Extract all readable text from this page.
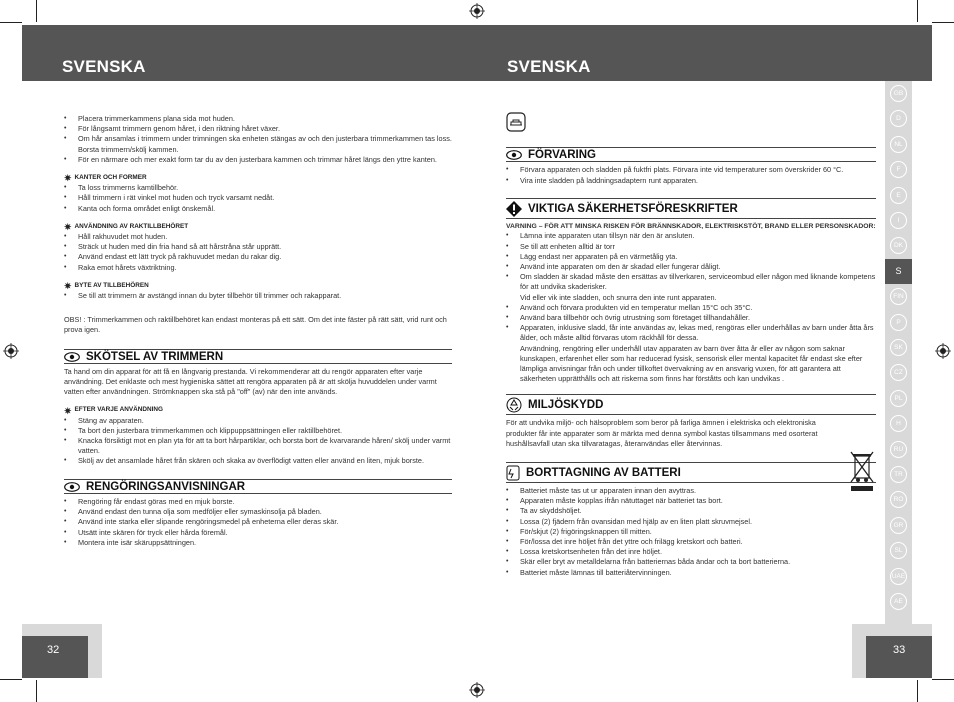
SVENSKA	SVENSKA
GB
D
NL
F
E
I
DK
S
FIN
P
SK
CZ
PL
H
RU
TR
RO
GR
SL
UAE
AE
• Placera trimmerkammens plana sida mot huden.
• För långsamt trimmern genom håret, i den riktning håret växer.
• Om hår ansamlas i trimmern under trimningen ska enheten stängas av och den justerbara trimmerkammen tas loss. Borsta trimmern/skölj kammen.
• För en närmare och mer exakt form tar du av den justerbara kammen och trimmar håret längs den yttre kanten.
✷ KANTER OCH FORMER
• Ta loss trimmerns kamtillbehör.
• Håll trimmern i rät vinkel mot huden och tryck varsamt nedåt.
• Kanta och forma området enligt önskemål.
✷ ANVÄNDNING AV RAKTILLBEHÖRET
• Håll rakhuvudet mot huden.
• Sträck ut huden med din fria hand så att hårstråna står upprätt.
• Använd endast ett lätt tryck på rakhuvudet medan du rakar dig.
• Raka emot hårets växtriktning.
✷ BYTE AV TILLBEHÖREN
• Se till att trimmern är avstängd innan du byter tillbehör till trimmer och rakapparat.
OBS! : Trimmerkammen och raktillbehöret kan endast monteras på ett sätt. Om det inte fäster på rätt sätt, vrid runt och prova igen.
SKÖTSEL AV TRIMMERN
Ta hand om din apparat för att få en långvarig prestanda. Vi rekommenderar att du rengör apparaten efter varje användning. Det enklaste och mest hygieniska sättet att rengöra apparaten på är att skölja huvuddelen under varmt vatten efter användningen. Strömknappen ska stå på "off" (av) när den inte används.
✷ EFTER VARJE ANVÄNDNING
• Stäng av apparaten.
• Ta bort den justerbara trimmerkammen och klippuppsättningen eller raktillbehöret.
• Knacka försiktigt mot en plan yta för att ta bort hårpartiklar, och borsta bort de kvarvarande håren/ skölj under varmt vatten.
• Skölj av det ansamlade håret från skären och skaka av överflödigt vatten eller använd en liten, mjuk borste.
RENGÖRINGSANVISNINGAR
• Rengöring får endast göras med en mjuk borste.
• Använd endast den tunna olja som medföljer eller symaskinsolja på bladen.
• Använd inte starka eller slipande rengöringsmedel på enheterna eller deras skär.
• Utsätt inte skären för tryck eller hårda föremål.
• Montera inte isär skäruppsättningen.
FÖRVARING
• Förvara apparaten och sladden på fuktfri plats. Förvara inte vid temperaturer som överskrider 60 °C.
• Vira inte sladden på laddningsadaptern runt apparaten.
VIKTIGA SÄKERHETSFÖRESKRIFTER
VARNING – FÖR ATT MINSKA RISKEN FÖR BRÄNNSKADOR, ELEKTRISKSTÖT, BRAND ELLER PERSONSKADOR:
• Lämna inte apparaten utan tillsyn när den är ansluten.
• Se till att enheten alltid är torr
• Lägg endast ner apparaten på en värmetålig yta.
• Använd inte apparaten om den är skadad eller fungerar dåligt.
• Om sladden är skadad måste den ersättas av tillverkaren, serviceombud eller någon med liknande kompetens för att undvika skaderisker.
Vid eller vik inte sladden, och snurra den inte runt apparaten.
• Använd och förvara produkten vid en temperatur mellan 15°C och 35°C.
• Använd bara tillbehör och övrig utrustning som företaget tillhandahåller.
• Apparaten, inklusive sladd, får inte användas av, lekas med, rengöras eller underhållas av barn under åtta års ålder, och måste alltid förvaras utom räckhåll för dessa.
Användning, rengöring eller underhåll utav apparaten av barn över åtta år eller av någon som saknar kunskapen, erfarenhet eller som har reducerad fysisk, sensorisk eller mental kapacitet får endast ske efter lämpliga anvisningar från och under tillkoftet övervakning av en ansvarig vuxen, för att garantera att säkerheten upprätthålls och att riskerna som finns har förståtts och kan undvikas .
MILJÖSKYDD
För att undvika miljö- och hälsoproblem som beror på farliga ämnen i elektriska och elektroniska produkter får inte apparater som är märkta med denna symbol kastas tillsammans med osorterat hushållsavfall utan ska tillvaratagas, återanvändas eller återvinnas.
BORTTAGNING AV BATTERI
• Batteriet måste tas ut ur apparaten innan den avyttras.
• Apparaten måste kopplas ifrån nätuttaget när batteriet tas bort.
• Ta av skyddshöljet.
• Lossa (2) fjädern från ovansidan med hjälp av en liten platt skruvmejsel.
• För/skjut (2) frigöringsknappen till mitten.
• För/lossa det inre höljet från det yttre och frilägg kretskort och batteri.
• Lossa kretskortsenheten från det inre höljet.
• Skär eller bryt av metalldelarna från batteriernas båda ändar och ta bort batterierna.
• Batteriet måste lämnas till batteriåtervinningen.
32	33
